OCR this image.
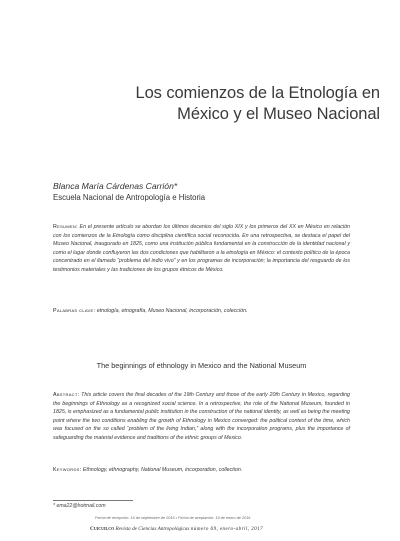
Los comienzos de la Etnología en
México y el Museo Nacional
Blanca María Cárdenas Carrión*
Escuela Nacional de Antropología e Historia
Resumen: En el presente artículo se abordan los últimos decenios del siglo XIX y los primeros del XX en México en relación con los comienzos de la Etnología como disciplina científica social reconocida. En una retrospectiva, se destaca el papel del Museo Nacional, inaugurado en 1825, como una institución pública fundamental en la construcción de la identidad nacional y como el lugar donde confluyeron las dos condiciones que habilitaron a la etnología en México: el contexto político de la época concentrado en el llamado “problema del indio vivo” y en los programas de incorporación; la importancia del resguardo de los testimonios materiales y las tradiciones de los grupos étnicos de México.
Palabras clave: etnología, etnografía, Museo Nacional, incorporación, colección.
The beginnings of ethnology in Mexico and the National Museum
Abstract: This article covers the final decades of the 19th Century and those of the early 20th Century in Mexico, regarding the beginnings of Ethnology as a recognized social science. In a retrospective, the role of the National Museum, founded in 1825, is emphasized as a fundamental public institution in the construction of the national identity, as well as being the meeting point where the two conditions enabling the growth of Ethnology in Mexico converged: the political context of the time, which was focused on the so called “problem of the living Indian,” along with the incorporation programs, plus the importance of safeguarding the material evidence and traditions of the ethnic groups of Mexico.
Keywords: Ethnology, ethnography, National Museum, incorporation, collection.
* ema22@hotmail.com
Fecha de recepción: 16 de septiembre de 2016 • Fecha de aceptación: 19 de enero de 2016
Cuicuilco Revista de Ciencias Antropológicas número 69, enero-abril, 2017
